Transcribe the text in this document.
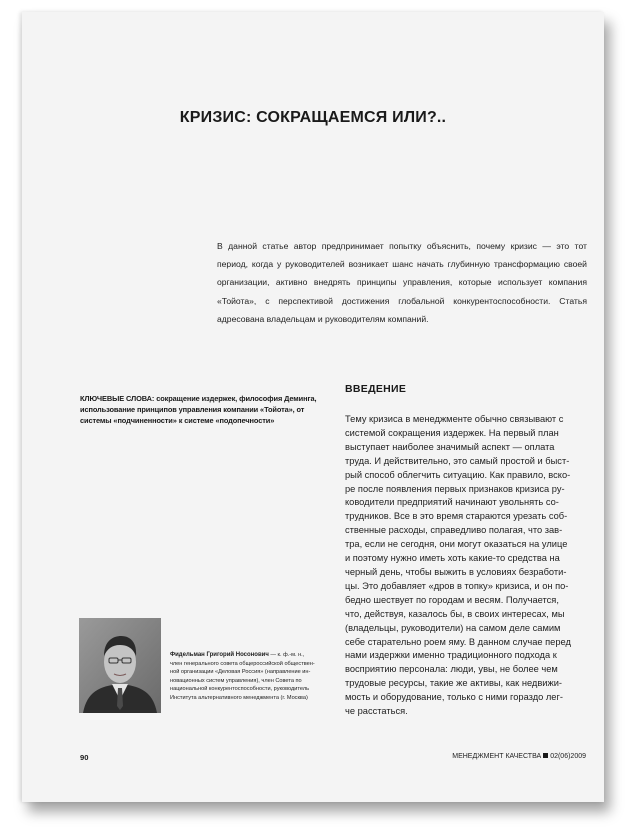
КРИЗИС: СОКРАЩАЕМСЯ ИЛИ?..
В данной статье автор предпринимает попытку объяснить, почему кризис — это тот период, когда у руководителей возникает шанс начать глубинную трансформацию своей организации, активно внедрять принципы управления, которые использует компания «Тойота», с перспективой достижения глобальной конкурентоспособности. Статья адресована владельцам и руководителям компаний.
КЛЮЧЕВЫЕ СЛОВА: сокращение издержек, философия Деминга, использование принципов управления компании «Тойота», от системы «подчиненности» к системе «подопечности»
ВВЕДЕНИЕ
Тему кризиса в менеджменте обычно связывают с
системой сокращения издержек. На первый план
выступает наиболее значимый аспект — оплата
труда. И действительно, это самый простой и быст-
рый способ облегчить ситуацию. Как правило, вско-
ре после появления первых признаков кризиса ру-
ководители предприятий начинают увольнять со-
трудников. Все в это время стараются урезать соб-
ственные расходы, справедливо полагая, что зав-
тра, если не сегодня, они могут оказаться на улице
и поэтому нужно иметь хоть какие-то средства на
черный день, чтобы выжить в условиях безработи-
цы. Это добавляет «дров в топку» кризиса, и он по-
бедно шествует по городам и весям. Получается,
что, действуя, казалось бы, в своих интересах, мы
(владельцы, руководители) на самом деле самим
себе старательно роем яму. В данном случае перед
нами издержки именно традиционного подхода к
восприятию персонала: люди, увы, не более чем
трудовые ресурсы, такие же активы, как недвижи-
мость и оборудование, только с ними гораздо лег-
че расстаться.
Фидельман Григорий Носонович — к. ф.-м. н.,
член генерального совета общероссийской обществен-
ной организации «Деловая Россия» (направление ин-
новационных систем управления), член Совета по
национальной конкурентоспособности, руководитель
Института альтернативного менеджмента (г. Москва)
90	МЕНЕДЖМЕНТ КАЧЕСТВА 02(06)2009
